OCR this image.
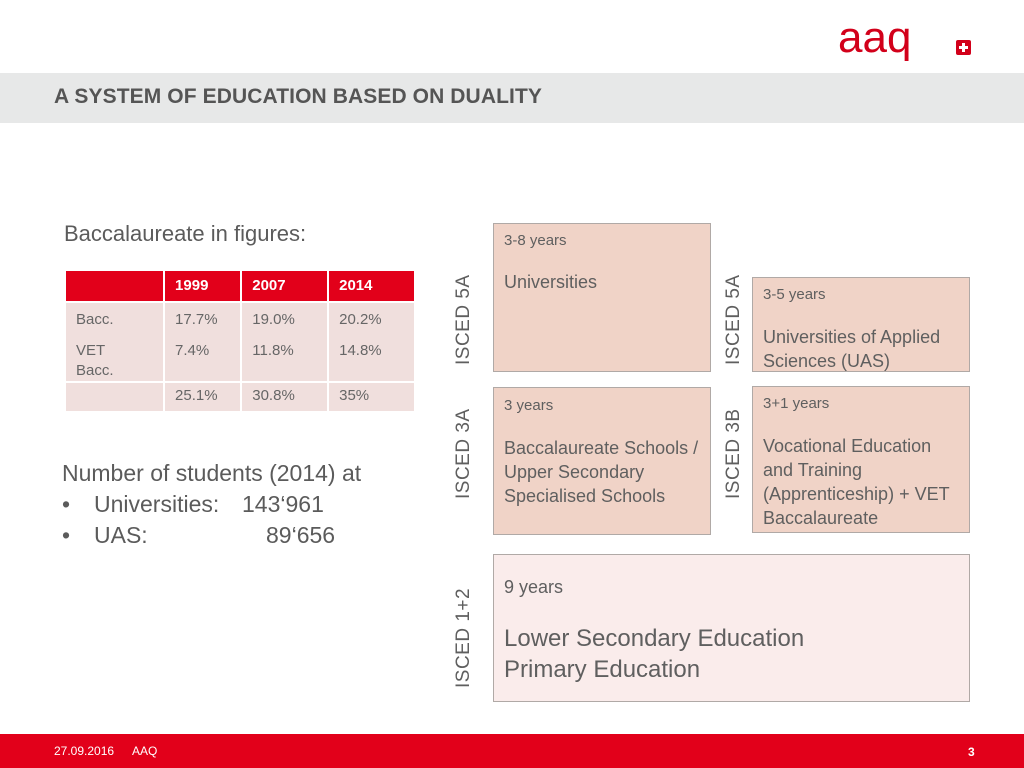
aaq
A SYSTEM OF EDUCATION BASED ON DUALITY
Baccalaureate in figures:
	1999	2007	2014
Bacc.	17.7%	19.0%	20.2%

VET Bacc.	7.4%	11.8%	14.8%
	25.1%	30.8%	35%
Number of students (2014) at
• Universities: 143‘961
• UAS:	89‘656
ISCED 5A	ISCED 5A
ISCED 3A	ISCED 3B
ISCED 1+2
3-8 years
Universities
3-5 years
Universities of Applied Sciences (UAS)
3 years
Baccalaureate Schools / Upper Secondary Specialised Schools
3+1 years
Vocational Education and Training (Apprenticeship) + VET Baccalaureate
9 years
Lower Secondary Education
Primary Education
27.09.2016 AAQ	3
